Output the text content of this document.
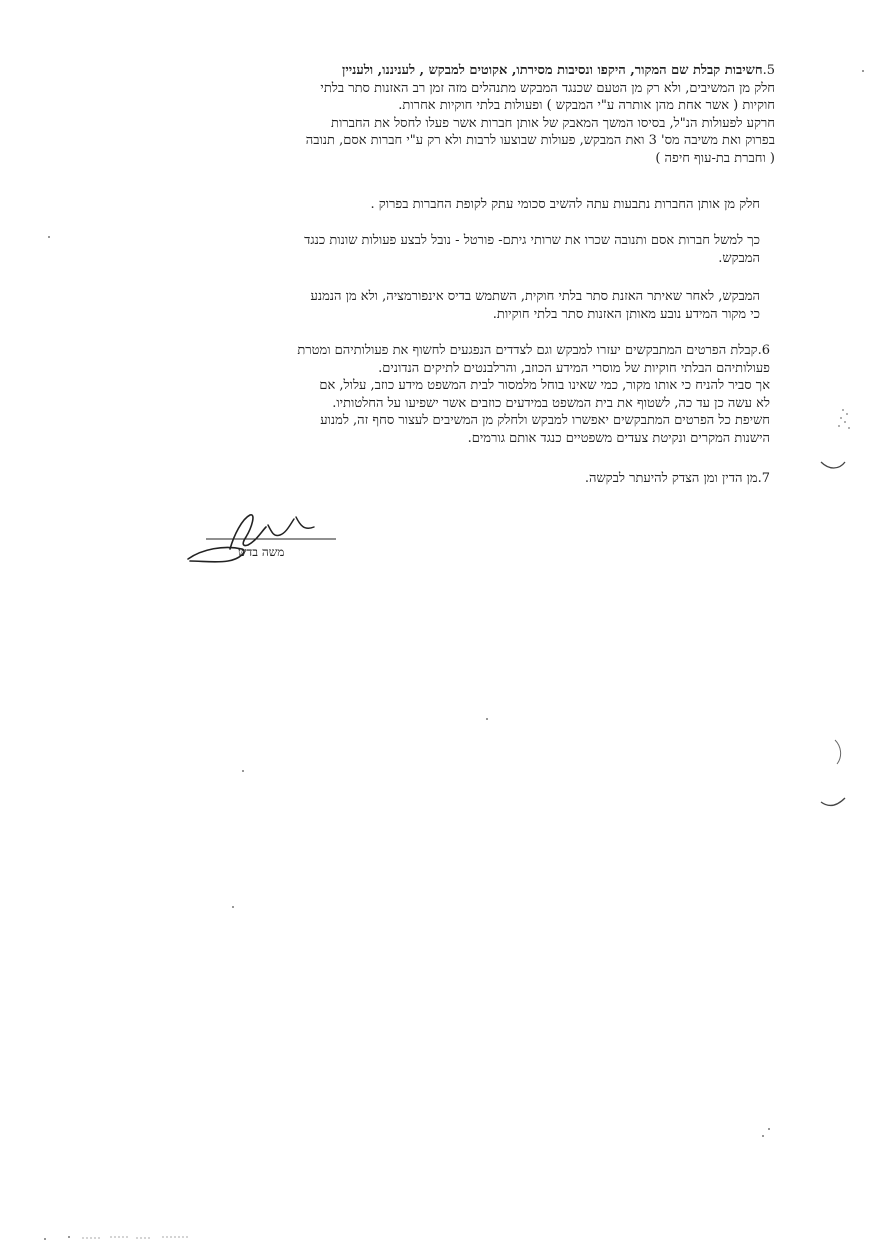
5.חשיבות קבלת שם המקור, היקפו ונסיבות מסירתו, אקוטים למבקש , לעניננו, ולעניין
חלק מן המשיבים, ולא רק מן הטעם שכנגד המבקש מתנהלים מזה זמן רב האזנות סתר בלתי
חוקיות ( אשר אחת מהן אותרה ע"י המבקש ) ופעולות בלתי חוקיות אחרות.
חרקע לפעולות הנ"ל, בסיסו המשך המאבק של אותן חברות אשר פעלו לחסל את החברות
בפרוק ואת משיבה מס' 3 ואת המבקש, פעולות שבוצעו לרבות ולא רק ע"י חברות אסם, תנובה
( וחברת בת-עוף חיפה )
חלק מן אותן החברות נתבעות עתה להשיב סכומי עתק לקופת החברות בפרוק .
כך למשל חברות אסם ותנובה שכרו את שרותי גיתם- פורטל - נובל לבצע פעולות שונות כנגד
המבקש.
המבקש, לאחר שאיתר האזנת סתר בלתי חוקית, השתמש בדיס אינפורמציה, ולא מן הנמנע
כי מקור המידע נובע מאותן האזנות סתר בלתי חוקיות.
6.קבלת הפרטים המתבקשים יעזרו למבקש וגם לצדדים הנפגעים לחשוף את פעולותיהם ומטרת
פעולותיהם הבלתי חוקיות של מוסרי המידע הכוזב, והרלבנטים לתיקים הנדונים.
אך סביר להניח כי אותו מקור, כמי שאינו בוחל מלמסור לבית המשפט מידע כוזב, עלול, אם
לא עשה כן עד כה, לשטוף את בית המשפט במידעים כוזבים אשר ישפיעו על החלטותיו.
חשיפת כל הפרטים המתבקשים יאפשרו למבקש ולחלק מן המשיבים לעצור סחף זה, למנוע
הישנות המקרים ונקיטת צעדים משפטיים כנגד אותם גורמים.
7.מן הדין ומן הצדק להיעתר לבקשה.
משה בדש
